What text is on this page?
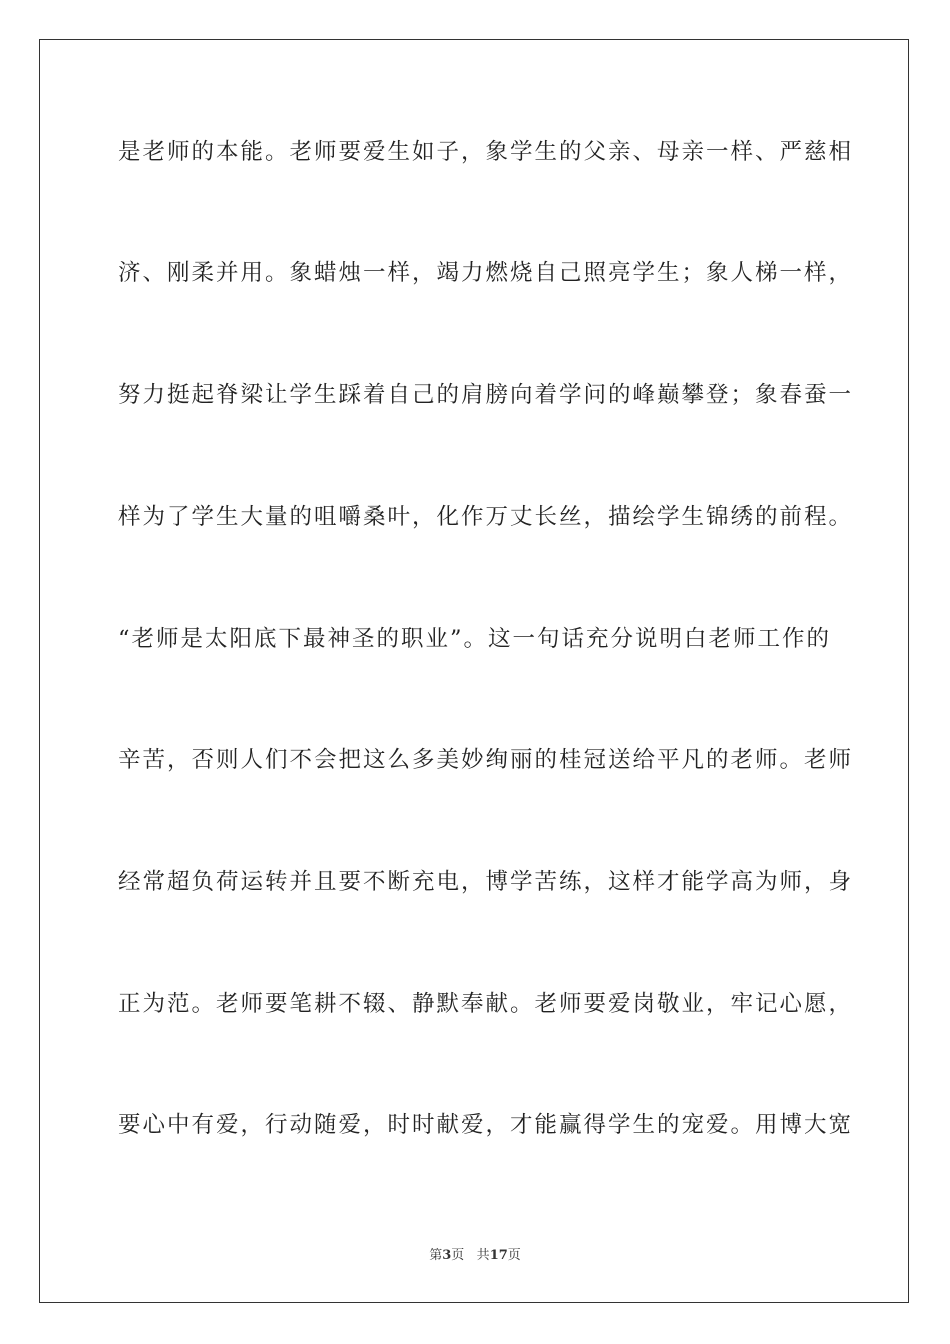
是老师的本能。老师要爱生如子，象学生的父亲、母亲一样、严慈相
济、刚柔并用。象蜡烛一样，竭力燃烧自己照亮学生；象人梯一样，
努力挺起脊梁让学生踩着自己的肩膀向着学问的峰巅攀登；象春蚕一
样为了学生大量的咀嚼桑叶，化作万丈长丝，描绘学生锦绣的前程。
“老师是太阳底下最神圣的职业”。这一句话充分说明白老师工作的
辛苦，否则人们不会把这么多美妙绚丽的桂冠送给平凡的老师。老师
经常超负荷运转并且要不断充电，博学苦练，这样才能学高为师，身
正为范。老师要笔耕不辍、静默奉献。老师要爱岗敬业，牢记心愿，
要心中有爱，行动随爱，时时献爱，才能赢得学生的宠爱。用博大宽
第3页 共17页
